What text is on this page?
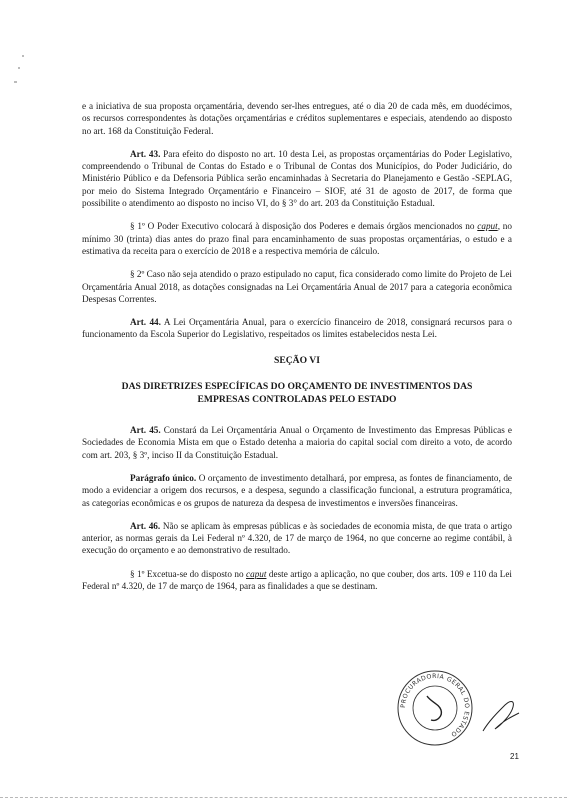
e a iniciativa de sua proposta orçamentária, devendo ser-lhes entregues, até o dia 20 de cada mês, em duodécimos, os recursos correspondentes às dotações orçamentárias e créditos suplementares e especiais, atendendo ao disposto no art. 168 da Constituição Federal.

Art. 43. Para efeito do disposto no art. 10 desta Lei, as propostas orçamentárias do Poder Legislativo, compreendendo o Tribunal de Contas do Estado e o Tribunal de Contas dos Municípios, do Poder Judiciário, do Ministério Público e da Defensoria Pública serão encaminhadas à Secretaria do Planejamento e Gestão -SEPLAG, por meio do Sistema Integrado Orçamentário e Financeiro – SIOF, até 31 de agosto de 2017, de forma que possibilite o atendimento ao disposto no inciso VI, do § 3° do art. 203 da Constituição Estadual.

§ 1º O Poder Executivo colocará à disposição dos Poderes e demais órgãos mencionados no caput, no mínimo 30 (trinta) dias antes do prazo final para encaminhamento de suas propostas orçamentárias, o estudo e a estimativa da receita para o exercício de 2018 e a respectiva memória de cálculo.

§ 2º Caso não seja atendido o prazo estipulado no caput, fica considerado como limite do Projeto de Lei Orçamentária Anual 2018, as dotações consignadas na Lei Orçamentária Anual de 2017 para a categoria econômica Despesas Correntes.

Art. 44. A Lei Orçamentária Anual, para o exercício financeiro de 2018, consignará recursos para o funcionamento da Escola Superior do Legislativo, respeitados os limites estabelecidos nesta Lei.

SEÇÃO VI
DAS DIRETRIZES ESPECÍFICAS DO ORÇAMENTO DE INVESTIMENTOS DAS
EMPRESAS CONTROLADAS PELO ESTADO

Art. 45. Constará da Lei Orçamentária Anual o Orçamento de Investimento das Empresas Públicas e Sociedades de Economia Mista em que o Estado detenha a maioria do capital social com direito a voto, de acordo com art. 203, § 3º, inciso II da Constituição Estadual.

Parágrafo único. O orçamento de investimento detalhará, por empresa, as fontes de financiamento, de modo a evidenciar a origem dos recursos, e a despesa, segundo a classificação funcional, a estrutura programática, as categorias econômicas e os grupos de natureza da despesa de investimentos e inversões financeiras.

Art. 46. Não se aplicam às empresas públicas e às sociedades de economia mista, de que trata o artigo anterior, as normas gerais da Lei Federal nº 4.320, de 17 de março de 1964, no que concerne ao regime contábil, à execução do orçamento e ao demonstrativo de resultado.

§ 1º Excetua-se do disposto no caput deste artigo a aplicação, no que couber, dos arts. 109 e 110 da Lei Federal nº 4.320, de 17 de março de 1964, para as finalidades a que se destinam.

PROCURADORIA GERAL DO ESTADO
21
